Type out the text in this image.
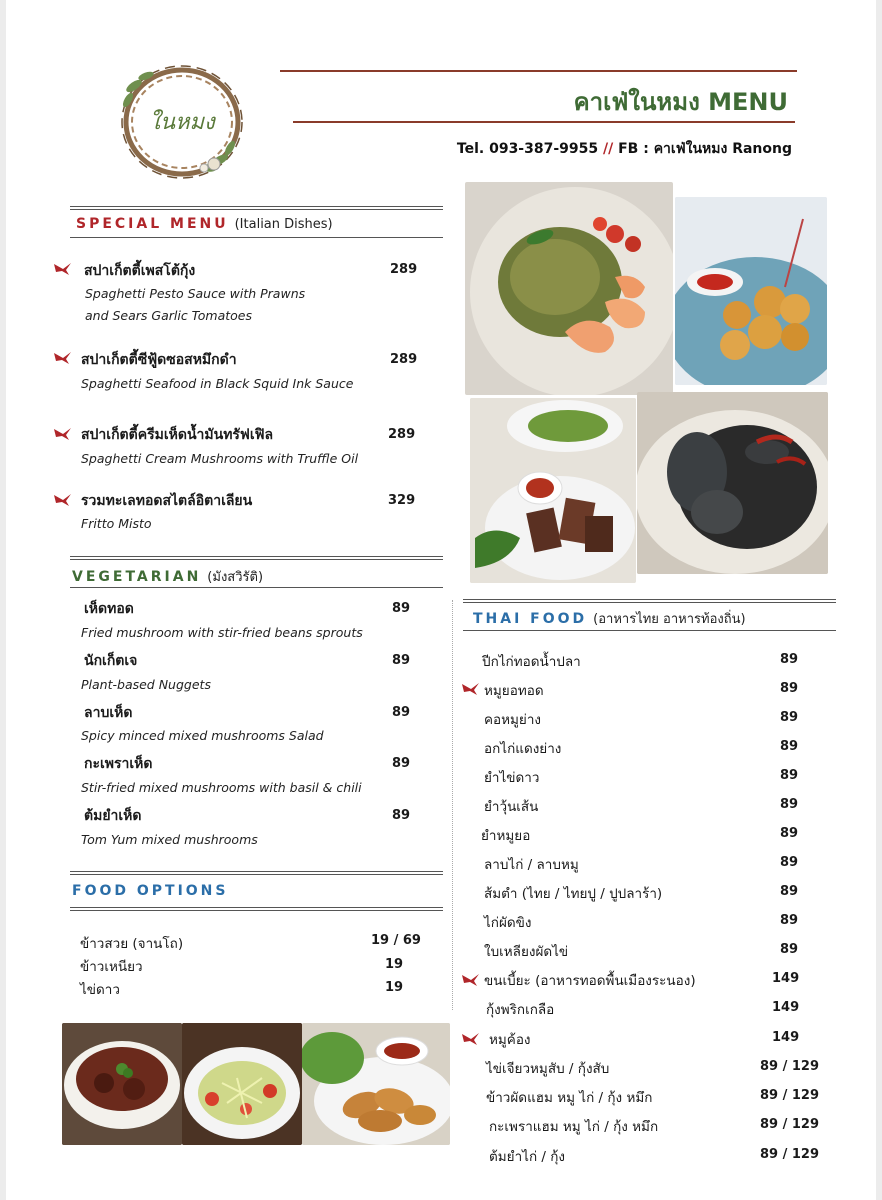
ในหมง
คาเฟ่ในหมง MENU
Tel. 093-387-9955 // FB : คาเฟ่ในหมง Ranong
SPECIAL MENU (Italian Dishes)
สปาเก็ตตี้เพสโต้กุ้ง	289
Spaghetti Pesto Sauce with Prawns
and Sears Garlic Tomatoes
สปาเก็ตตี้ซีฟู้ดซอสหมึกดำ	289
Spaghetti Seafood in Black Squid Ink Sauce
สปาเก็ตตี้ครีมเห็ดน้ำมันทรัฟเฟิล	289
Spaghetti Cream Mushrooms with Truffle Oil
รวมทะเลทอดสไตล์อิตาเลียน	329
Fritto Misto
VEGETARIAN (มังสวิรัติ)
เห็ดทอด	89
Fried mushroom with stir-fried beans sprouts
นักเก็ตเจ	89
Plant-based Nuggets
ลาบเห็ด	89
Spicy minced mixed mushrooms Salad
กะเพราเห็ด	89
Stir-fried mixed mushrooms with basil & chili
ต้มยำเห็ด	89
Tom Yum mixed mushrooms
FOOD OPTIONS
ข้าวสวย (จานโถ)	19 / 69
ข้าวเหนียว	19
ไข่ดาว	19
THAI FOOD (อาหารไทย อาหารท้องถิ่น)
ปีกไก่ทอดน้ำปลา	89
หมูยอทอด	89
คอหมูย่าง	89
อกไก่แดงย่าง	89
ยำไข่ดาว	89
ยำวุ้นเส้น	89
ยำหมูยอ	89
ลาบไก่ / ลาบหมู	89
ส้มตำ (ไทย / ไทยปู / ปูปลาร้า)	89
ไก่ผัดขิง	89
ใบเหลียงผัดไข่	89
ขนเบี้ยะ (อาหารทอดพื้นเมืองระนอง)	149
กุ้งพริกเกลือ	149
หมูค้อง	149
ไข่เจียวหมูสับ / กุ้งสับ	89 / 129
ข้าวผัดแฮม หมู ไก่ / กุ้ง หมึก	89 / 129
กะเพราแฮม หมู ไก่ / กุ้ง หมึก	89 / 129
ต้มยำไก่ / กุ้ง	89 / 129
